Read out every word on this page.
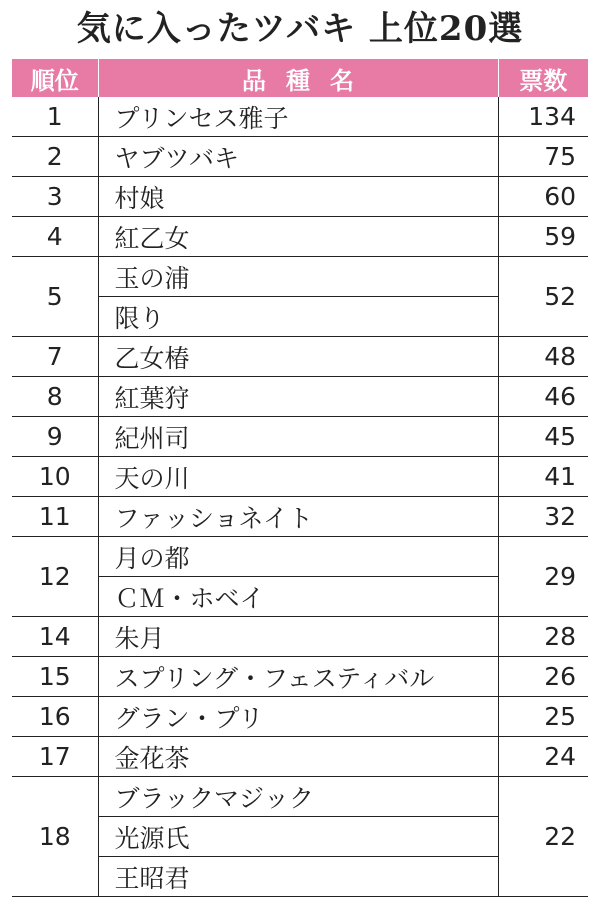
気に入ったツバキ 上位20選
順位	品種名	票数
1	プリンセス雅子	134
2	ヤブツバキ	75
3	村娘	60
4	紅乙女	59
5	玉の浦	52
	限り	
7	乙女椿	48
8	紅葉狩	46
9	紀州司	45
10	天の川	41
11	ファッショネイト	32
12	月の都	29
	ＣＭ・ホベイ	
14	朱月	28
15	スプリング・フェスティバル	26
16	グラン・プリ	25
17	金花茶	24
18	ブラックマジック	22
	光源氏	
	王昭君	
